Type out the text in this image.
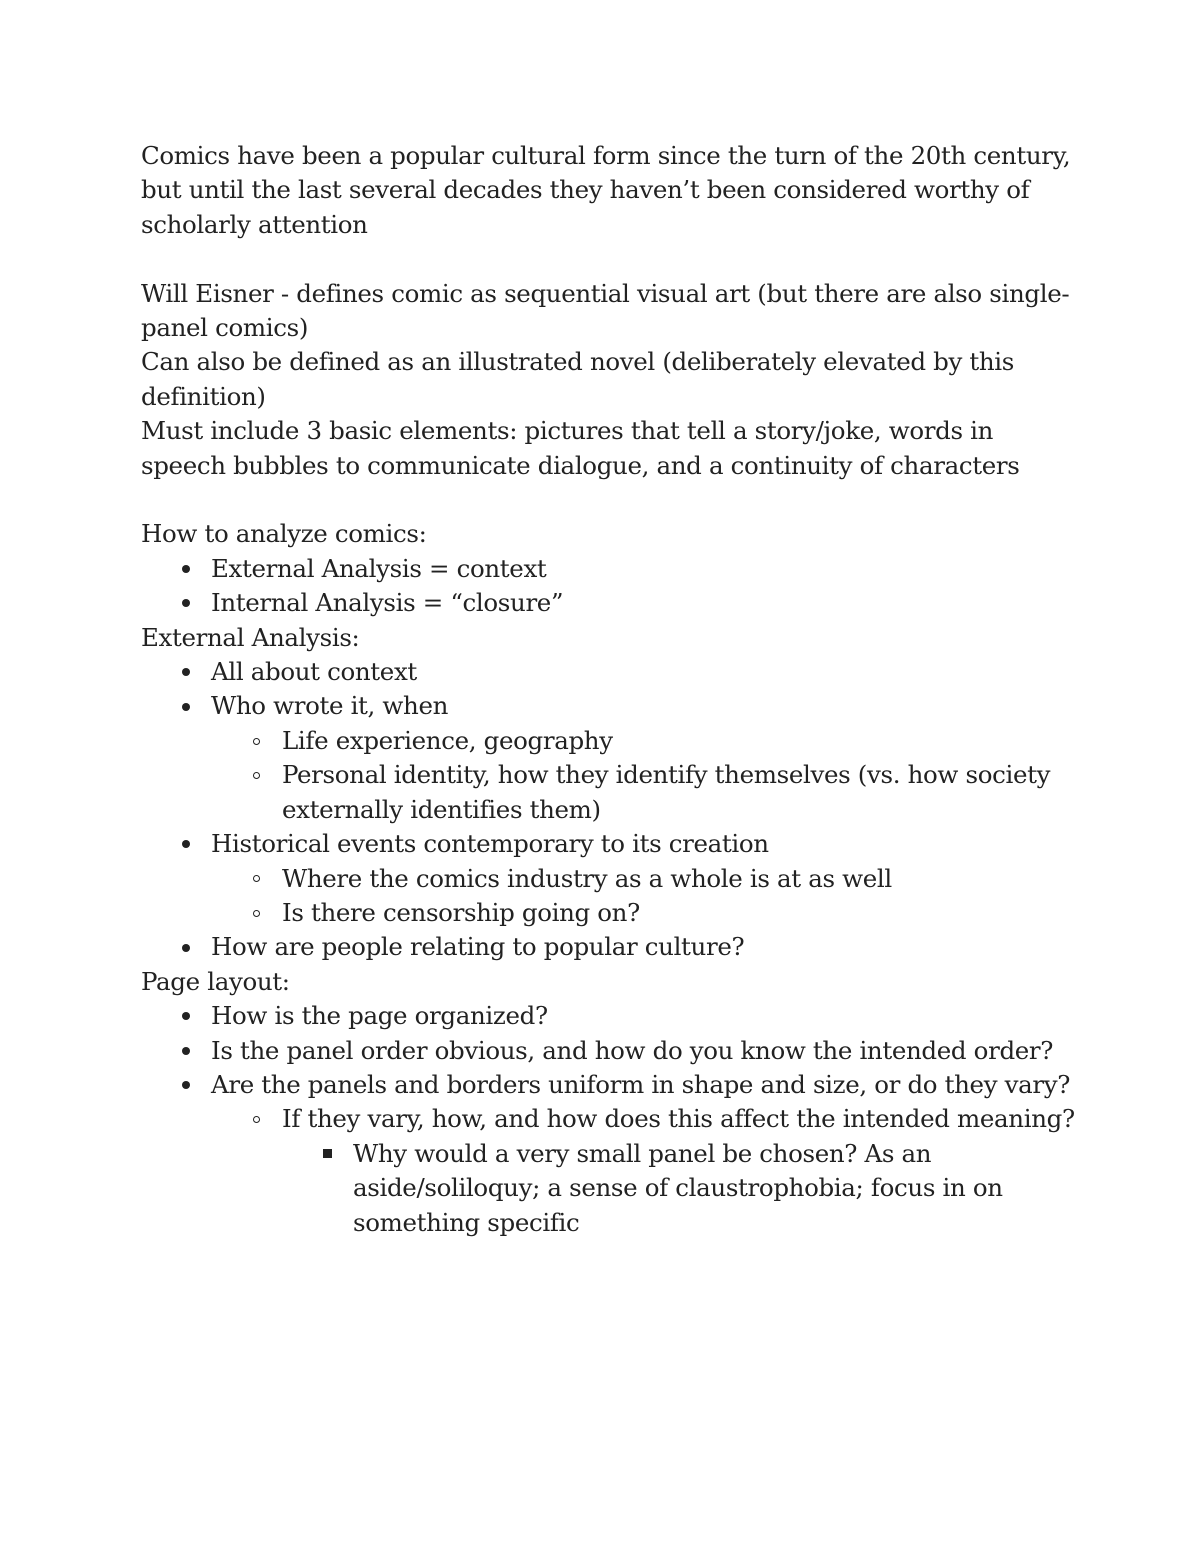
Comics have been a popular cultural form since the turn of the 20th century, but until the last several decades they haven’t been considered worthy of scholarly attention

Will Eisner - defines comic as sequential visual art (but there are also single-panel comics)

Can also be defined as an illustrated novel (deliberately elevated by this definition)

Must include 3 basic elements: pictures that tell a story/joke, words in speech bubbles to communicate dialogue, and a continuity of characters

How to analyze comics:

External Analysis = context
Internal Analysis = “closure”

External Analysis:

All about context
Who wrote it, when
Life experience, geography
Personal identity, how they identify themselves (vs. how society externally identifies them)
Historical events contemporary to its creation
Where the comics industry as a whole is at as well
Is there censorship going on?
How are people relating to popular culture?

Page layout:

How is the page organized?
Is the panel order obvious, and how do you know the intended order?
Are the panels and borders uniform in shape and size, or do they vary?
If they vary, how, and how does this affect the intended meaning?
Why would a very small panel be chosen? As an aside/soliloquy; a sense of claustrophobia; focus in on something specific
